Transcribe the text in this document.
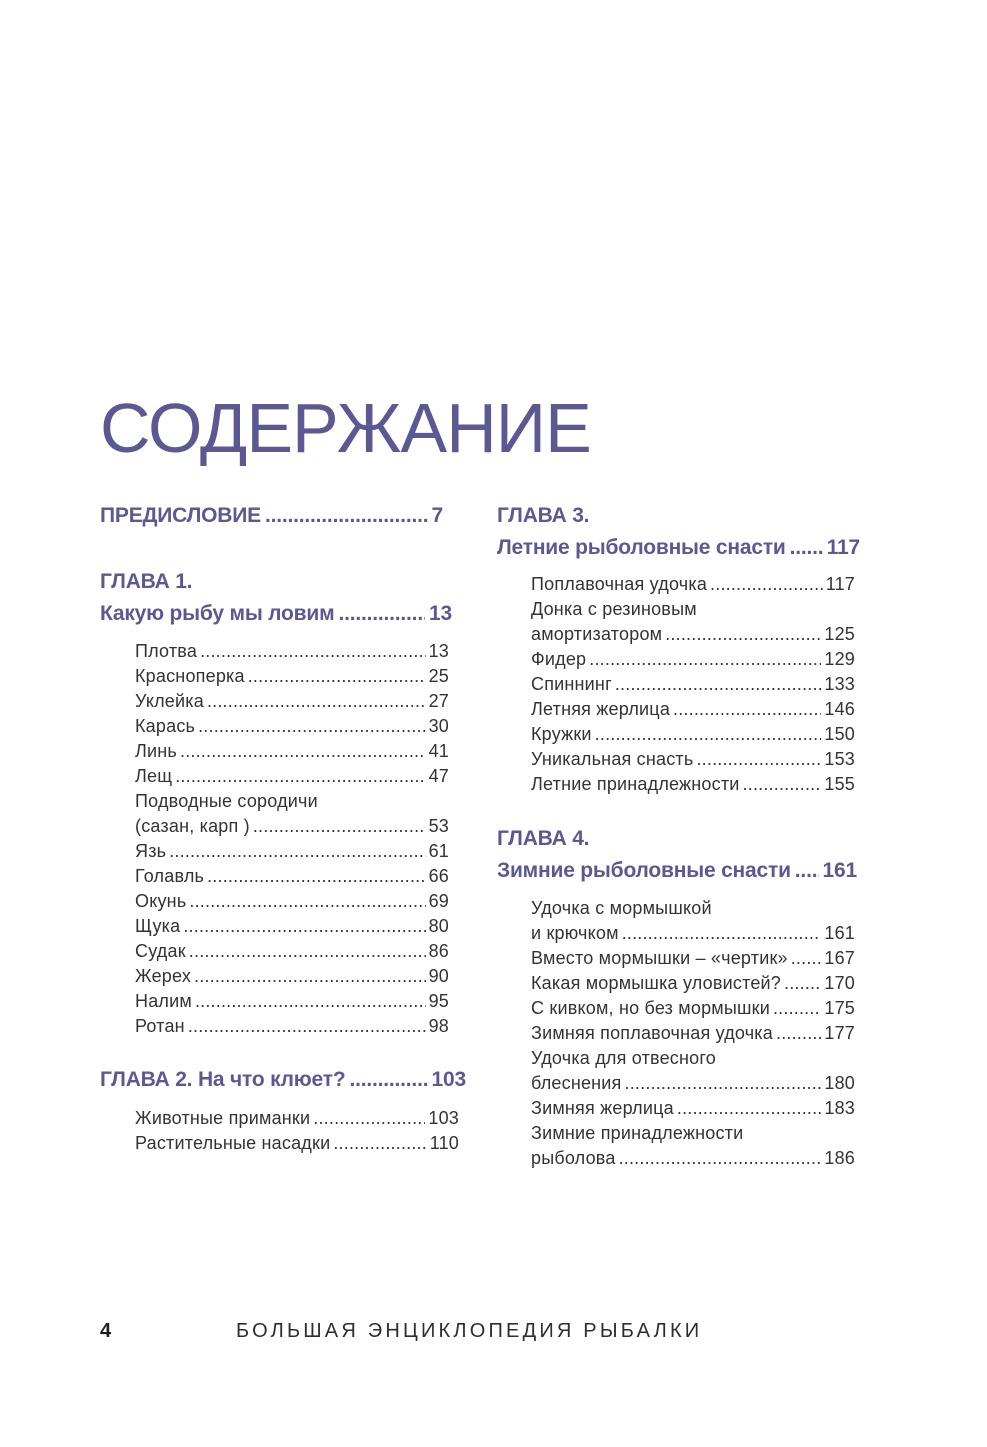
СОДЕРЖАНИЕ
ПРЕДИСЛОВИЕ .....	7
ГЛАВА 1.
Какую рыбу мы ловим .....	13
Плотва .....	13
Красноперка .....	25
Уклейка .....	27
Карась .....	30
Линь .....	41
Лещ .....	47
Подводные сородичи
(сазан, карп ) .....	53
Язь .....	61
Голавль .....	66
Окунь .....	69
Щука .....	80
Судак .....	86
Жерех .....	90
Налим .....	95
Ротан .....	98
ГЛАВА 2. На что клюет? .....	103
Животные приманки .....	103
Растительные насадки .....	110
ГЛАВА 3.
Летние рыболовные снасти ..... 117
Поплавочная удочка .....	117
Донка с резиновым
амортизатором .....	125
Фидер .....	129
Спиннинг .....	133
Летняя жерлица .....	146
Кружки .....	150
Уникальная снасть .....	153
Летние принадлежности .....	155
ГЛАВА 4.
Зимние рыболовные снасти ..... 161
Удочка с мормышкой
и крючком .....	161
Вместо мормышки – «чертик» ..... 167
Какая мормышка уловистей? ..... 170
С кивком, но без мормышки .....	175
Зимняя поплавочная удочка .....	177
Удочка для отвесного
блеснения .....	180
Зимняя жерлица .....	183
Зимние принадлежности
рыболова .....	186
4	БОЛЬШАЯ ЭНЦИКЛОПЕДИЯ РЫБАЛКИ
